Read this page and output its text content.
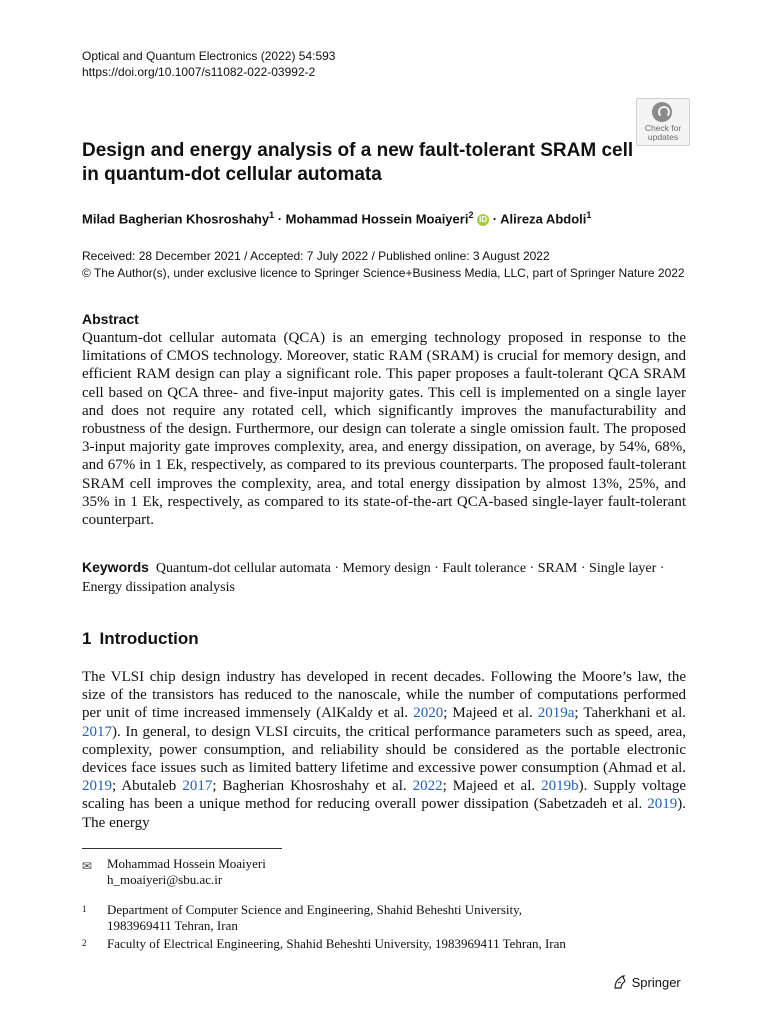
Optical and Quantum Electronics (2022) 54:593
https://doi.org/10.1007/s11082-022-03992-2
Check for
updates
Design and energy analysis of a new fault-tolerant SRAM cell in quantum-dot cellular automata
Milad Bagherian Khosroshahy$^1$ · Mohammad Hossein Moaiyeri$^2$ iD · Alireza Abdoli$^1$
Received: 28 December 2021 / Accepted: 7 July 2022 / Published online: 3 August 2022
© The Author(s), under exclusive licence to Springer Science+Business Media, LLC, part of Springer Nature 2022
Abstract

Quantum-dot cellular automata (QCA) is an emerging technology proposed in response to the limitations of CMOS technology. Moreover, static RAM (SRAM) is crucial for memory design, and efficient RAM design can play a significant role. This paper proposes a fault-tolerant QCA SRAM cell based on QCA three- and five-input majority gates. This cell is implemented on a single layer and does not require any rotated cell, which significantly improves the manufacturability and robustness of the design. Furthermore, our design can tolerate a single omission fault. The proposed 3-input majority gate improves complexity, area, and energy dissipation, on average, by 54%, 68%, and 67% in 1 Ek, respectively, as compared to its previous counterparts. The proposed fault-tolerant SRAM cell improves the complexity, area, and total energy dissipation by almost 13%, 25%, and 35% in 1 Ek, respectively, as compared to its state-of-the-art QCA-based single-layer fault-tolerant counterpart.

Keywords Quantum-dot cellular automata · Memory design · Fault tolerance · SRAM · Single layer · Energy dissipation analysis
1 Introduction

The VLSI chip design industry has developed in recent decades. Following the Moore’s law, the size of the transistors has reduced to the nanoscale, while the number of computations performed per unit of time increased immensely (AlKaldy et al. 2020; Majeed et al. 2019a; Taherkhani et al. 2017). In general, to design VLSI circuits, the critical performance parameters such as speed, area, complexity, power consumption, and reliability should be considered as the portable electronic devices face issues such as limited battery lifetime and excessive power consumption (Ahmad et al. 2019; Abutaleb 2017; Bagherian Khosroshahy et al. 2022; Majeed et al. 2019b). Supply voltage scaling has been a unique method for reducing overall power dissipation (Sabetzadeh et al. 2019). The energy

✉ Mohammad Hossein Moaiyeri
h_moaiyeri@sbu.ac.ir
1 Department of Computer Science and Engineering, Shahid Beheshti University,
1983969411 Tehran, Iran
2 Faculty of Electrical Engineering, Shahid Beheshti University, 1983969411 Tehran, Iran
Springer
